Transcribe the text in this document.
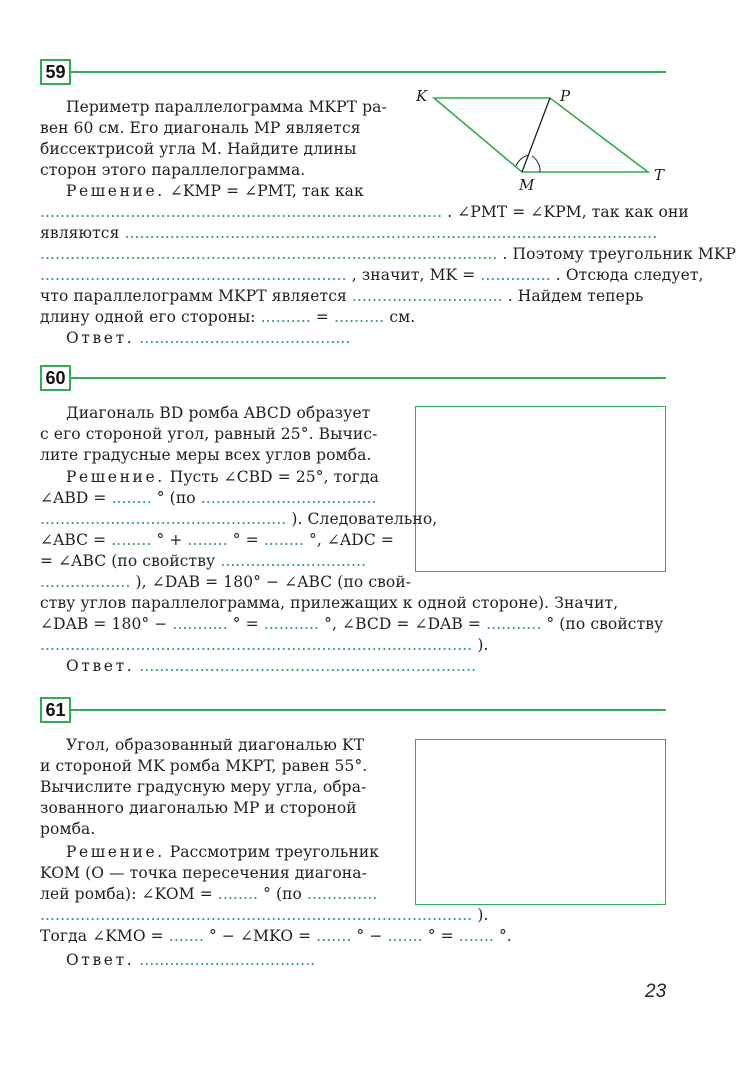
59
Периметр параллелограмма MKPT ра-
вен 60 см. Его диагональ MP является
биссектрисой угла M. Найдите длины
сторон этого параллелограмма.
K	P
M
T
Решение. ∠KMP = ∠PMT, так как
................................................................................ . ∠PMT = ∠KPM, так как они
являются ..........................................................................................................
........................................................................................... . Поэтому треугольник MKP
............................................................. , значит, MK = .............. . Отсюда следует,
что параллелограмм MKPT является .............................. . Найдем теперь
длину одной его стороны: .......... = .......... см.
Ответ. ..........................................
60
Диагональ BD ромба ABCD образует
с его стороной угол, равный 25°. Вычис-
лите градусные меры всех углов ромба.
Решение. Пусть ∠CBD = 25°, тогда
∠ABD = ........ ° (по ...................................
................................................. ). Следовательно,
∠ABC = ........ ° + ........ ° = ........ °, ∠ADC =
= ∠ABC (по свойству .............................
.................. ), ∠DAB = 180° − ∠ABC (по свой-
ству углов параллелограмма, прилежащих к одной стороне). Значит,
∠DAB = 180° − ........... ° = ........... °, ∠BCD = ∠DAB = ........... ° (по свойству
...................................................................................... ).
Ответ. ...................................................................
61
Угол, образованный диагональю KT
и стороной MK ромба MKPT, равен 55°.
Вычислите градусную меру угла, обра-
зованного диагональю MP и стороной
ромба.
Решение. Рассмотрим треугольник
KOM (O — точка пересечения диагона-
лей ромба): ∠KOM = ........ ° (по ..............
...................................................................................... ).
Тогда ∠KMO = ....... ° − ∠MKO = ....... ° − ....... ° = ....... °.
Ответ. ...................................
23
